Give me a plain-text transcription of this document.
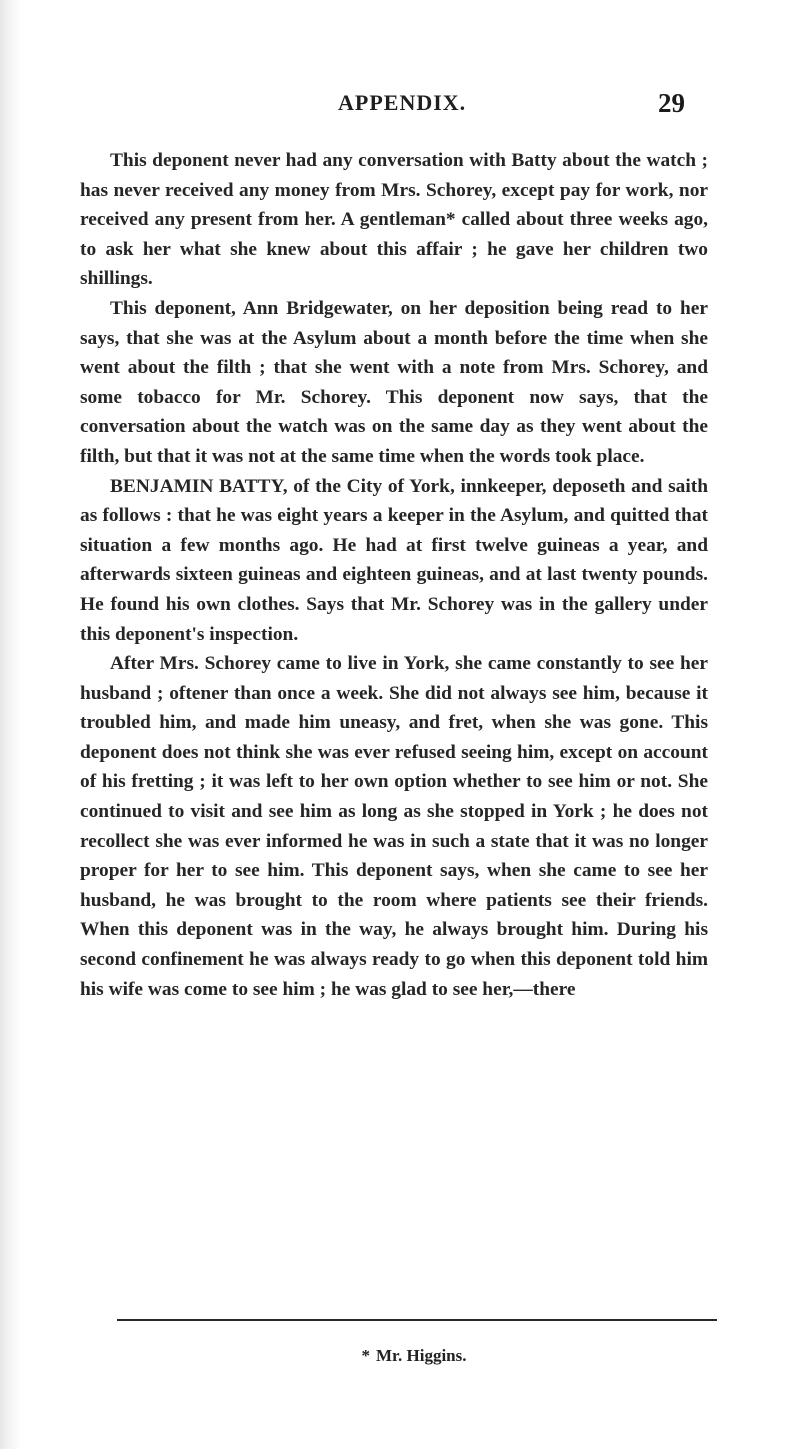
APPENDIX.	29

This deponent never had any conversation with Batty about the watch ; has never received any money from Mrs. Schorey, except pay for work, nor received any present from her. A gentleman* called about three weeks ago, to ask her what she knew about this affair ; he gave her children two shillings.

This deponent, Ann Bridgewater, on her deposition being read to her says, that she was at the Asylum about a month before the time when she went about the filth ; that she went with a note from Mrs. Schorey, and some tobacco for Mr. Schorey. This deponent now says, that the conversation about the watch was on the same day as they went about the filth, but that it was not at the same time when the words took place.

BENJAMIN BATTY, of the City of York, innkeeper, deposeth and saith as follows : that he was eight years a keeper in the Asylum, and quitted that situation a few months ago. He had at first twelve guineas a year, and afterwards sixteen guineas and eighteen guineas, and at last twenty pounds. He found his own clothes. Says that Mr. Schorey was in the gallery under this deponent's inspection.

After Mrs. Schorey came to live in York, she came constantly to see her husband ; oftener than once a week. She did not always see him, because it troubled him, and made him uneasy, and fret, when she was gone. This deponent does not think she was ever refused seeing him, except on account of his fretting ; it was left to her own option whether to see him or not. She continued to visit and see him as long as she stopped in York ; he does not recollect she was ever informed he was in such a state that it was no longer proper for her to see him. This deponent says, when she came to see her husband, he was brought to the room where patients see their friends. When this deponent was in the way, he always brought him. During his second confinement he was always ready to go when this deponent told him his wife was come to see him ; he was glad to see her,—there

* Mr. Higgins.
